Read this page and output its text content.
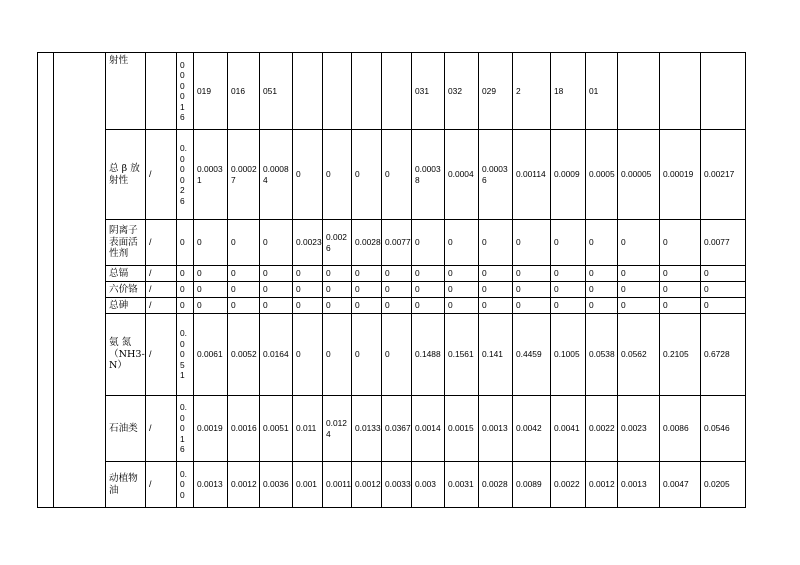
		射性		000016	019	016	051					031	032	029	2	18	01			
		总 β 放射性	/	0.00026	0.00031	0.00027	0.00084	0	0	0	0	0.00038	0.0004	0.00036	0.00114	0.0009	0.0005	0.00005	0.00019	0.00217
		阴离子表面活性剂	/	0	0	0	0	0.0023	0.0026	0.0028	0.0077	0	0	0	0	0	0	0	0	0.0077
		总镉	/	0	0	0	0	0	0	0	0	0	0	0	0	0	0	0	0	0
		六价铬	/	0	0	0	0	0	0	0	0	0	0	0	0	0	0	0	0	0
		总砷	/	0	0	0	0	0	0	0	0	0	0	0	0	0	0	0	0	0
		氨 氮（NH3-N）	/	0.0051	0.0061	0.0052	0.0164	0	0	0	0	0.1488	0.1561	0.141	0.4459	0.1005	0.0538	0.0562	0.2105	0.6728
		石油类	/	0.0016	0.0019	0.0016	0.0051	0.011	0.0124	0.0133	0.0367	0.0014	0.0015	0.0013	0.0042	0.0041	0.0022	0.0023	0.0086	0.0546
		动植物油	/	0.00	0.0013	0.0012	0.0036	0.001	0.0011	0.0012	0.0033	0.003	0.0031	0.0028	0.0089	0.0022	0.0012	0.0013	0.0047	0.0205
